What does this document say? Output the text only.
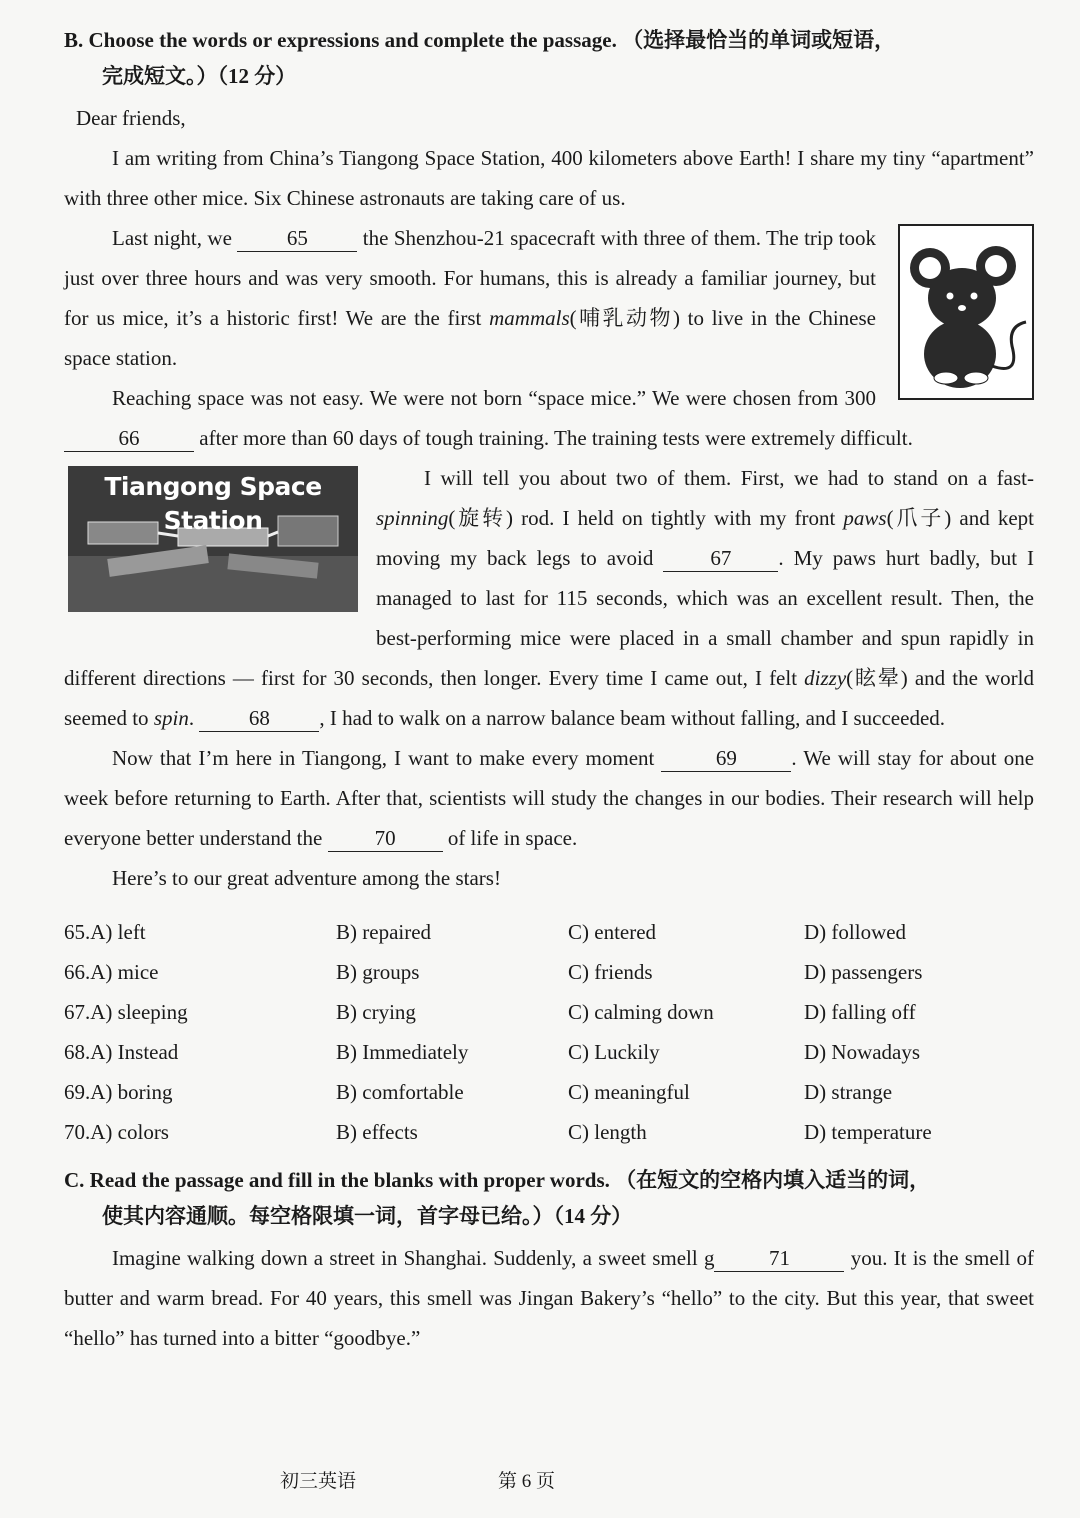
B. Choose the words or expressions and complete the passage. （选择最恰当的单词或短语，
完成短文。）（12 分）

Dear friends,

I am writing from China’s Tiangong Space Station, 400 kilometers above Earth! I share my tiny “apartment” with three other mice. Six Chinese astronauts are taking care of us.

Last night, we	65	the Shenzhou-21 spacecraft with three of them. The trip took just over three hours and was very smooth. For humans, this is already a familiar journey, but for us mice, it’s a historic first! We are the first mammals(哺乳动物) to live in the Chinese space station.

Reaching space was not easy. We were not born “space mice.” We were chosen from 300 66	after more than 60 days of tough training. The training tests were extremely difficult.

Tiangong Space Station

I will tell you about two of them. First, we had to stand on a fast-spinning(旋转) rod. I held on tightly with my front paws(爪子) and kept moving my back legs to avoid	67 . My paws hurt badly, but I managed to last for 115 seconds, which was an excellent result. Then, the best-performing mice were placed in a small chamber and spun rapidly in different directions — first for 30 seconds, then longer. Every time I came out, I felt dizzy(眩晕) and the world seemed to spin.	68 , I had to walk on a narrow balance beam without falling, and I succeeded.

Now that I’m here in Tiangong, I want to make every moment	69	. We will stay for about one week before returning to Earth. After that, scientists will study the changes in our bodies. Their research will help everyone better understand the 70 of life in space.

Here’s to our great adventure among the stars!

65.A) left	B) repaired	C) entered	D) followed
66.A) mice	B) groups	C) friends	D) passengers
67.A) sleeping	B) crying	C) calming down	D) falling off
68.A) Instead	B) Immediately	C) Luckily	D) Nowadays
69.A) boring	B) comfortable	C) meaningful	D) strange
70.A) colors	B) effects	C) length	D) temperature
C. Read the passage and fill in the blanks with proper words. （在短文的空格内填入适当的词，
使其内容通顺。每空格限填一词，首字母已给。）（14 分）

Imagine walking down a street in Shanghai. Suddenly, a sweet smell g	71	you. It is the smell of butter and warm bread. For 40 years, this smell was Jingan Bakery’s “hello” to the city. But this year, that sweet “hello” has turned into a bitter “goodbye.”

初三英语	第 6 页
